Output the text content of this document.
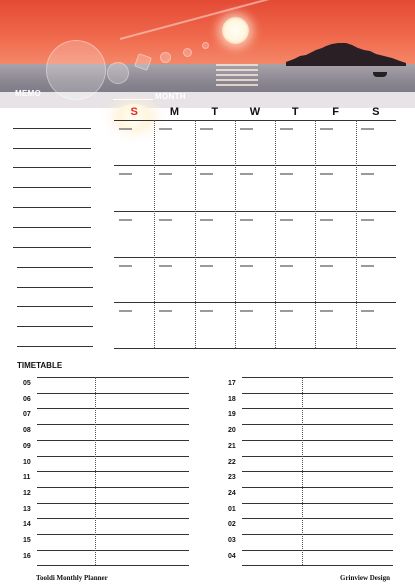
MEMO	MONTH
S	M	T	W	T	F	S
TIMETABLE
05
06
07
08
09
10
11
12
13
14
15
16
17
18
19
20
21
22
23
24
01
02
03
04
Tooldi Monthly Planner	Grinview Design
